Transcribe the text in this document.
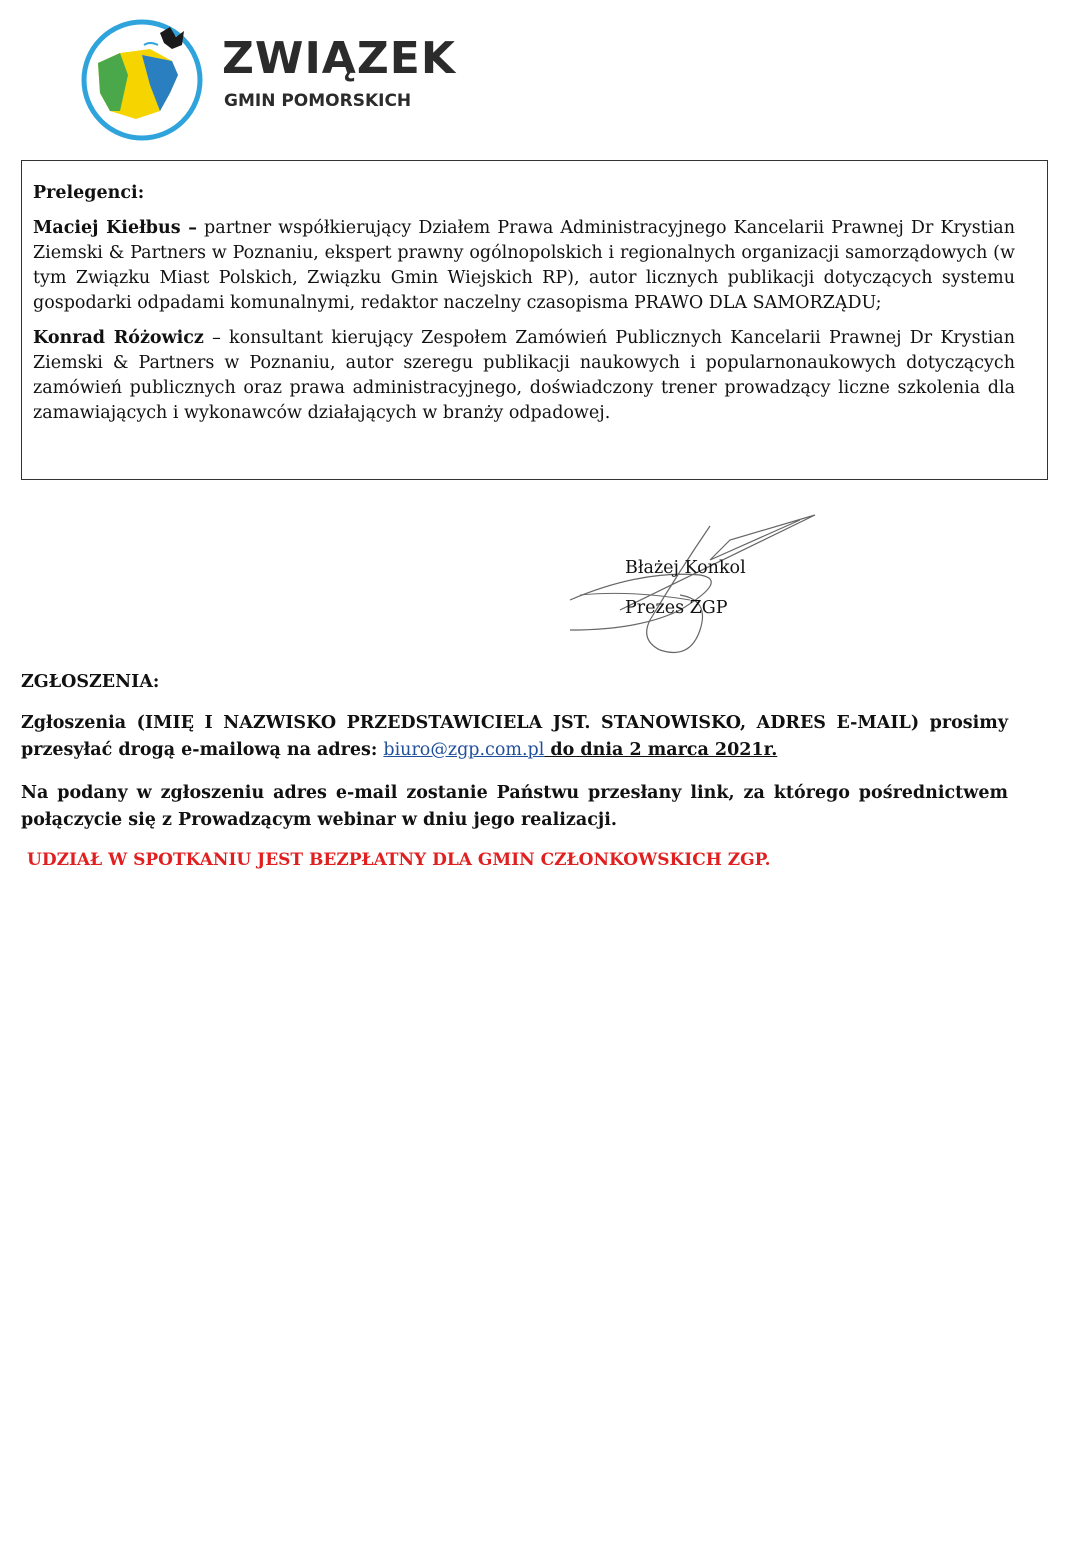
ZWIĄZEK
GMIN POMORSKICH

Prelegenci:

Maciej Kiełbus – partner współkierujący Działem Prawa Administracyjnego Kancelarii Prawnej Dr Krystian Ziemski & Partners w Poznaniu, ekspert prawny ogólnopolskich i regionalnych organizacji samorządowych (w tym Związku Miast Polskich, Związku Gmin Wiejskich RP), autor licznych publikacji dotyczących systemu gospodarki odpadami komunalnymi, redaktor naczelny czasopisma PRAWO DLA SAMORZĄDU;

Konrad Różowicz – konsultant kierujący Zespołem Zamówień Publicznych Kancelarii Prawnej Dr Krystian Ziemski & Partners w Poznaniu, autor szeregu publikacji naukowych i popularnonaukowych dotyczących zamówień publicznych oraz prawa administracyjnego, doświadczony trener prowadzący liczne szkolenia dla zamawiających i wykonawców działających w branży odpadowej.

Błażej Konkol
Prezes ZGP
ZGŁOSZENIA:
Zgłoszenia (IMIĘ I NAZWISKO PRZEDSTAWICIELA JST. STANOWISKO, ADRES E-MAIL) prosimy przesyłać drogą e-mailową na adres: biuro@zgp.com.pl do dnia 2 marca 2021r.
Na podany w zgłoszeniu adres e-mail zostanie Państwu przesłany link, za którego pośrednictwem połączycie się z Prowadzącym webinar w dniu jego realizacji.
UDZIAŁ W SPOTKANIU JEST BEZPŁATNY DLA GMIN CZŁONKOWSKICH ZGP.
